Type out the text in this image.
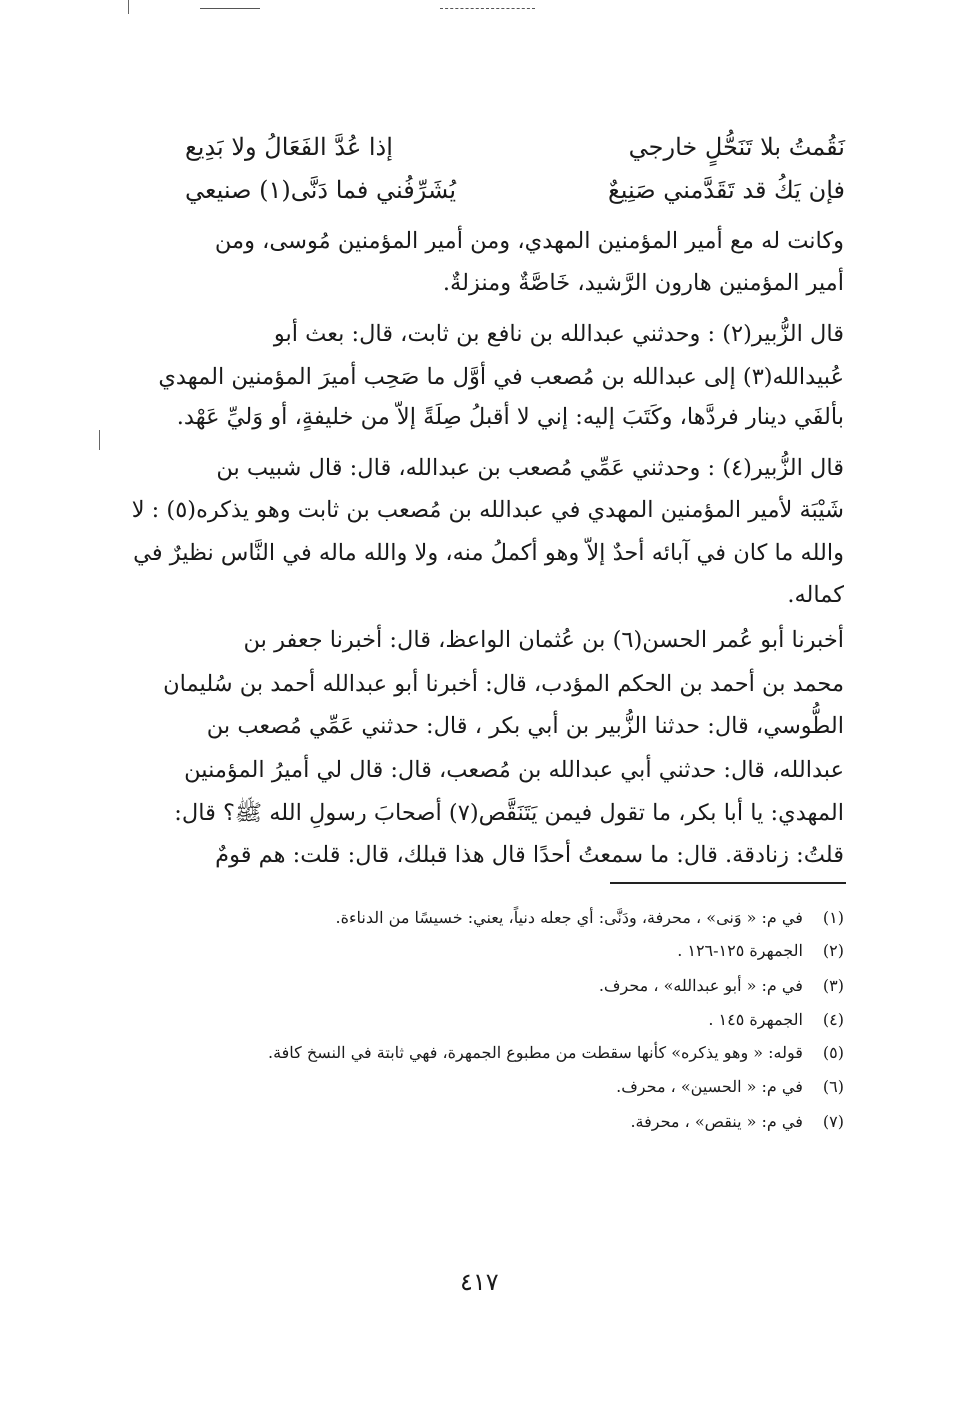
نَقُمتُ بلا تَنَحُّلٍ خارجي
إذا عُدَّ الفَعَالُ ولا بَدِيع
فإن يَكُ قد تَقَدَّمني صَنِيعٌ
يُشَرِّفُني فما دَنَّى(١) صنيعي
وكانت له مع أمير المؤمنين المهدي، ومن أمير المؤمنين مُوسى، ومن
أمير المؤمنين هارون الرَّشيد، خَاصَّةٌ ومنزلةٌ.
قال الزُّبير(٢) : وحدثني عبدالله بن نافع بن ثابت، قال: بعث أبو
عُبيدالله(٣) إلى عبدالله بن مُصعب في أوَّل ما صَحِب أميرَ المؤمنين المهدي
بألفَي دينار فردَّها، وكَتَبَ إليه: إني لا أقبلُ صِلَةً إلاّ من خليفةٍ، أو وَليِّ عَهْد.
قال الزُّبير(٤) : وحدثني عَمِّي مُصعب بن عبدالله، قال: قال شبيب بن
شَيْبَة لأمير المؤمنين المهدي في عبدالله بن مُصعب بن ثابت وهو يذكره(٥) : لا
والله ما كان في آبائه أحدٌ إلاّ وهو أكملُ منه، ولا والله ماله في النَّاس نظيرٌ في
كماله.
أخبرنا أبو عُمر الحسن(٦) بن عُثمان الواعظ، قال: أخبرنا جعفر بن
محمد بن أحمد بن الحكم المؤدب، قال: أخبرنا أبو عبدالله أحمد بن سُليمان
الطُّوسي، قال: حدثنا الزُّبير بن أبي بكر ، قال: حدثني عَمِّي مُصعب بن
عبدالله، قال: حدثني أبي عبدالله بن مُصعب، قال: قال لي أميرُ المؤمنين
المهدي: يا أبا بكر، ما تقول فيمن يَتَنَقَّص(٧) أصحابَ رسولِ الله ﷺ؟ قال:
قلتُ: زنادقة. قال: ما سمعتُ أحدًا قال هذا قبلك، قال: قلت: هم قومٌ
(١) في م: « وَنى» ، محرفة، ودَنَّى: أي جعله دنياً، يعني: خسيسًا من الدناءة.
(٢) الجمهرة ١٢٥-١٢٦ .
(٣) في م: « أبو عبدالله» ، محرف.
(٤) الجمهرة ١٤٥ .
(٥) قوله: « وهو يذكره» كأنها سقطت من مطبوع الجمهرة، فهي ثابتة في النسخ كافة.
(٦) في م: « الحسين» ، محرف.
(٧) في م: « ينقص» ، محرفة.
٤١٧
